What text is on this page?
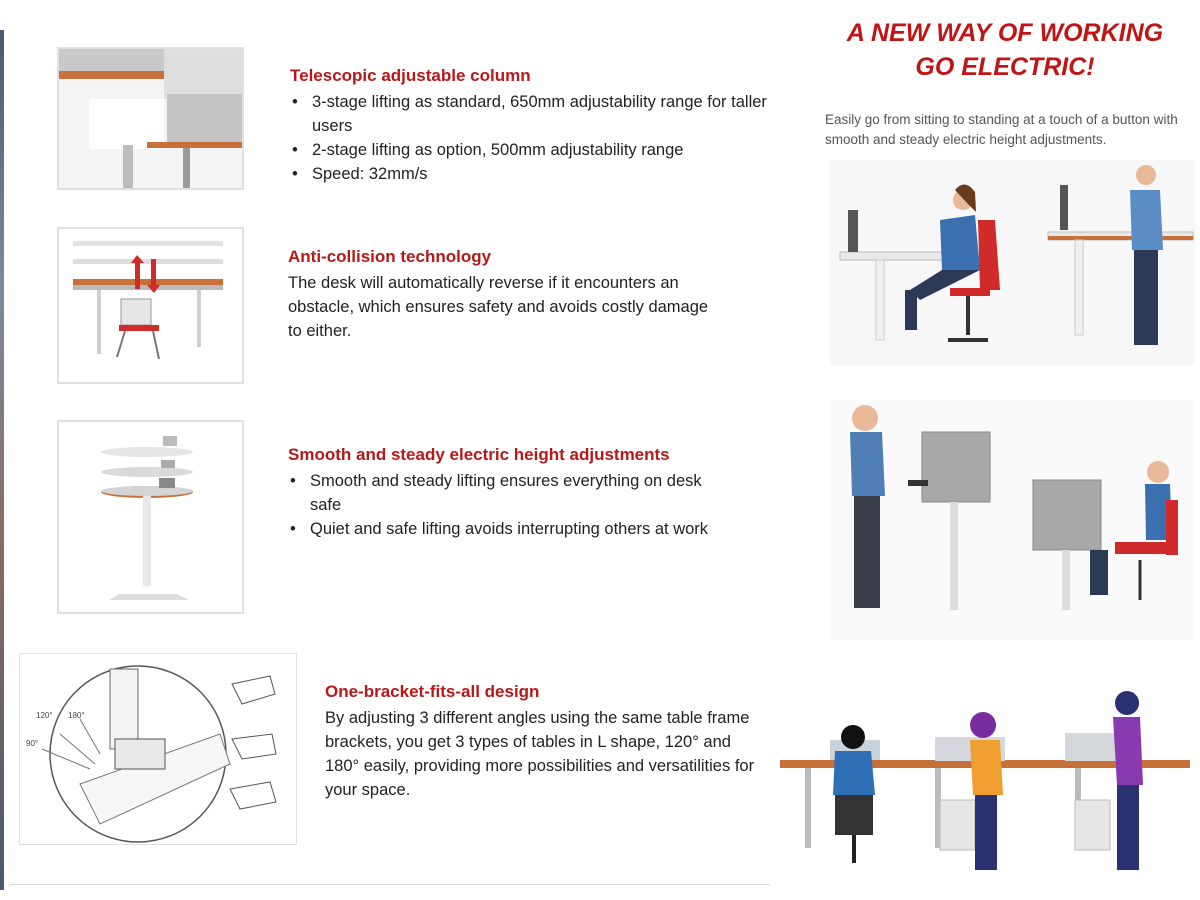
Telescopic adjustable column
• 3-stage lifting as standard, 650mm adjustability range for taller users
• 2-stage lifting as option, 500mm adjustability range
• Speed: 32mm/s
Anti-collision technology

The desk will automatically reverse if it encounters an obstacle, which ensures safety and avoids costly damage to either.

Smooth and steady electric height adjustments
• Smooth and steady lifting ensures everything on desk safe
• Quiet and safe lifting avoids interrupting others at work
120° 180°
90°
One-bracket-fits-all design

By adjusting 3 different angles using the same table frame brackets, you get 3 types of tables in L shape, 120° and 180° easily, providing more possibilities and versatilities for your space.

A NEW WAY OF WORKING
GO ELECTRIC!
Easily go from sitting to standing at a touch of a button with smooth and steady electric height adjustments.
